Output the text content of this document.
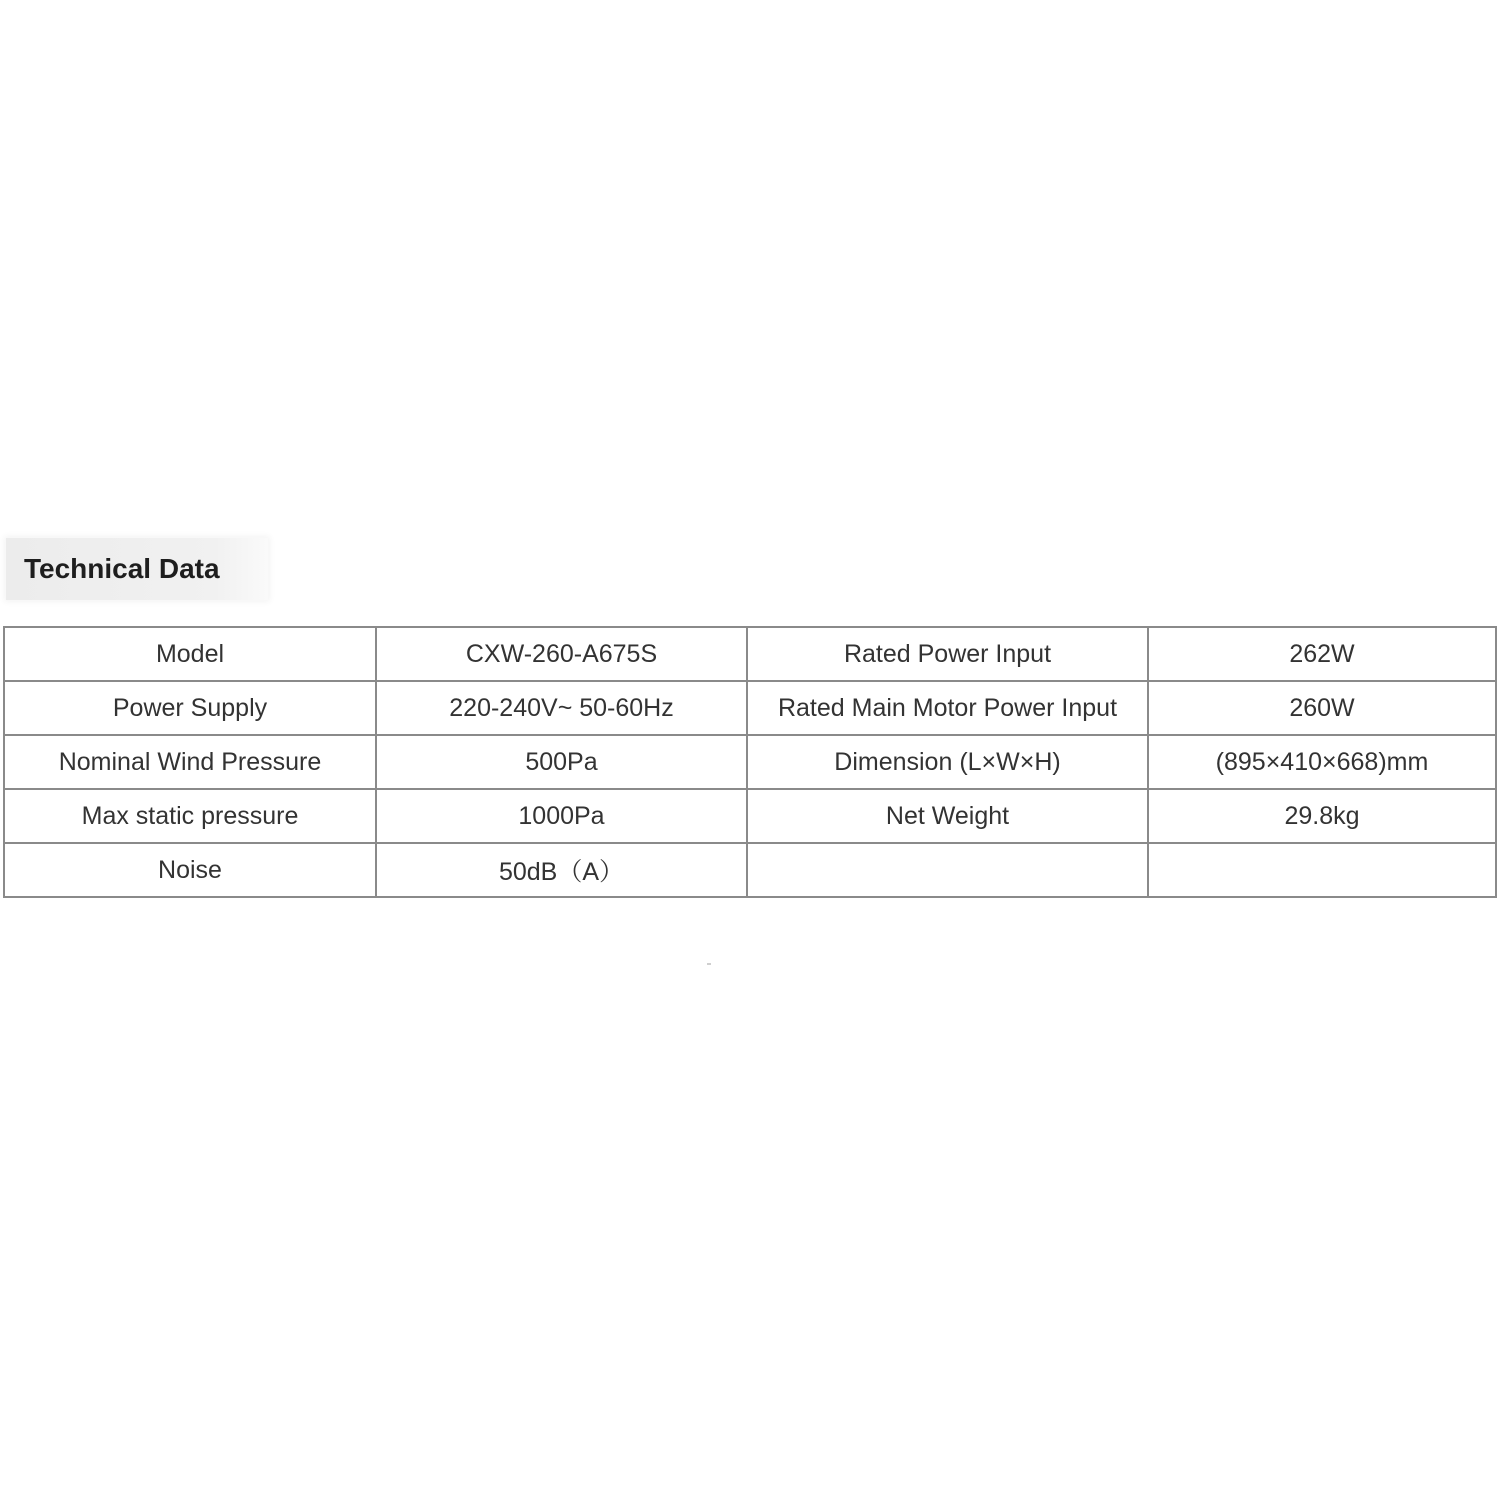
Technical Data
Model	CXW-260-A675S	Rated Power Input	262W
Power Supply	220-240V~ 50-60Hz	Rated Main Motor Power Input	260W
Nominal Wind Pressure	500Pa	Dimension (L×W×H)	(895×410×668)mm
Max static pressure	1000Pa	Net Weight	29.8kg
Noise	50dB（A）		
